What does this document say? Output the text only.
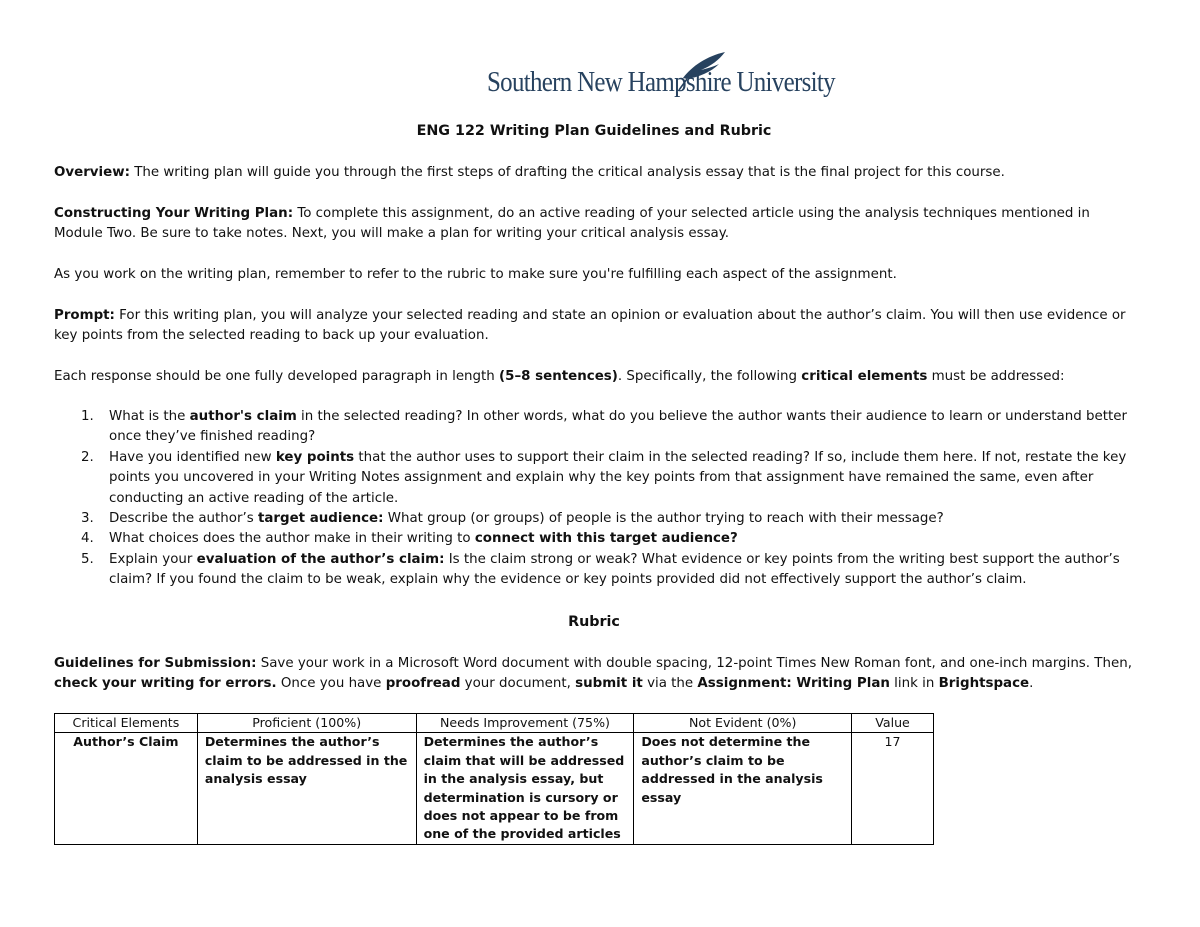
Southern New Hampshire University
ENG 122 Writing Plan Guidelines and Rubric

Overview: The writing plan will guide you through the first steps of drafting the critical analysis essay that is the final project for this course.

Constructing Your Writing Plan: To complete this assignment, do an active reading of your selected article using the analysis techniques mentioned in Module Two. Be sure to take notes. Next, you will make a plan for writing your critical analysis essay.

As you work on the writing plan, remember to refer to the rubric to make sure you're fulfilling each aspect of the assignment.

Prompt: For this writing plan, you will analyze your selected reading and state an opinion or evaluation about the author’s claim. You will then use evidence or key points from the selected reading to back up your evaluation.

Each response should be one fully developed paragraph in length (5–8 sentences). Specifically, the following critical elements must be addressed:

1. What is the author's claim in the selected reading? In other words, what do you believe the author wants their audience to learn or understand better once they’ve finished reading?
2. Have you identified new key points that the author uses to support their claim in the selected reading? If so, include them here. If not, restate the key points you uncovered in your Writing Notes assignment and explain why the key points from that assignment have remained the same, even after conducting an active reading of the article.
3. Describe the author’s target audience: What group (or groups) of people is the author trying to reach with their message?
4. What choices does the author make in their writing to connect with this target audience?
5. Explain your evaluation of the author’s claim: Is the claim strong or weak? What evidence or key points from the writing best support the author’s claim? If you found the claim to be weak, explain why the evidence or key points provided did not effectively support the author’s claim.
Rubric

Guidelines for Submission: Save your work in a Microsoft Word document with double spacing, 12-point Times New Roman font, and one-inch margins. Then, check your writing for errors. Once you have proofread your document, submit it via the Assignment: Writing Plan link in Brightspace.

Critical Elements	Proficient (100%)	Needs Improvement (75%)	Not Evident (0%)	Value
Author’s Claim	Determines the author’s claim to be addressed in the analysis essay	Determines the author’s claim that will be addressed in the analysis essay, but determination is cursory or does not appear to be from one of the provided articles	Does not determine the author’s claim to be addressed in the analysis essay	17
